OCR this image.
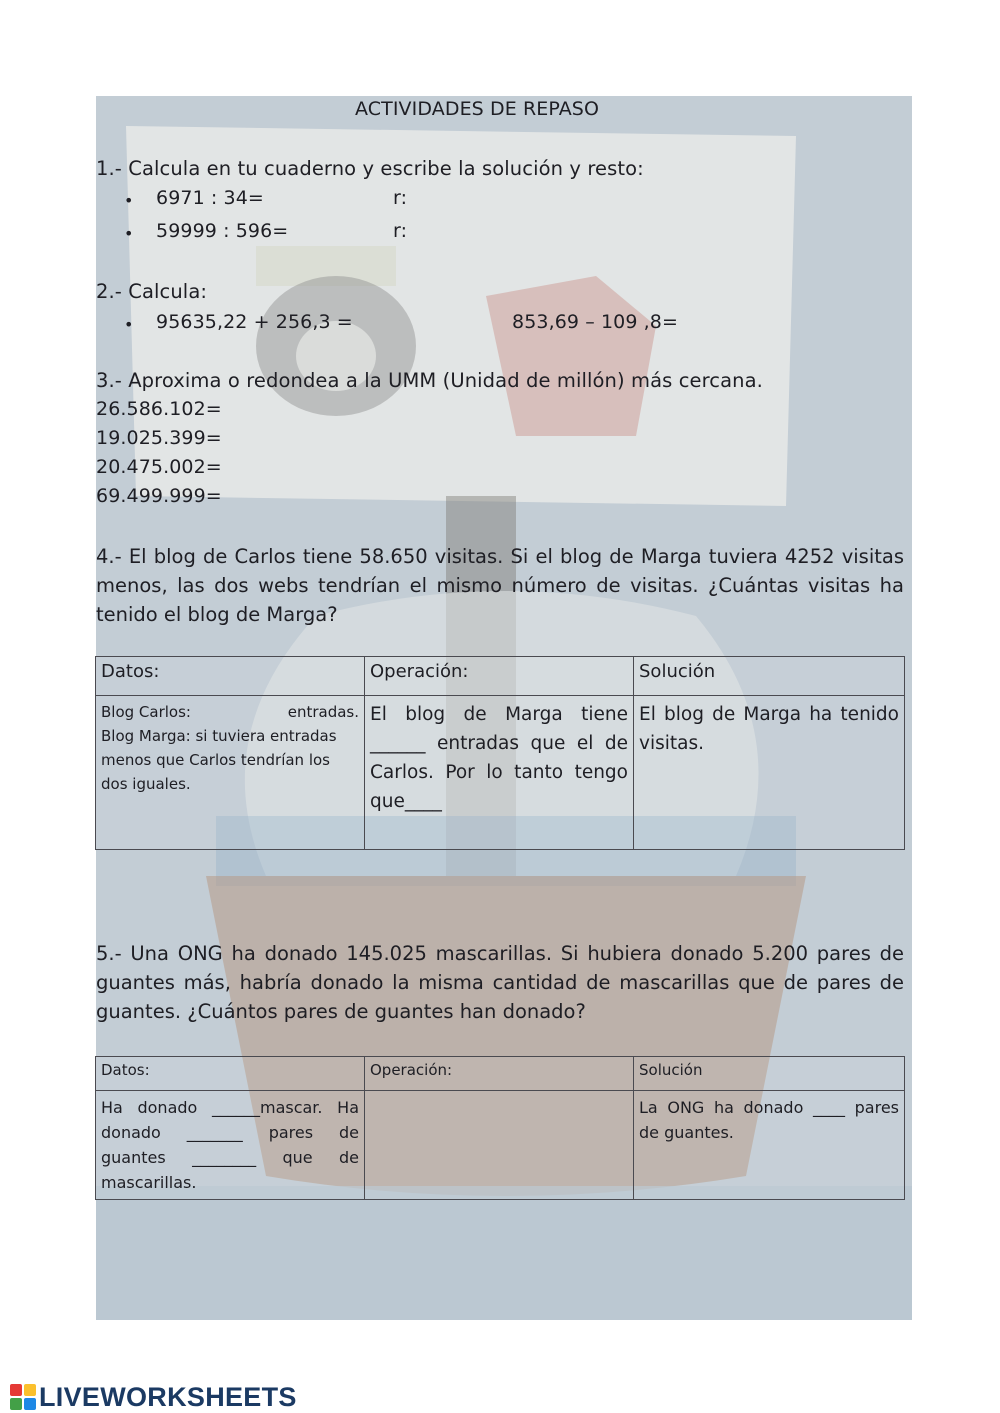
ACTIVIDADES DE REPASO
1.- Calcula en tu cuaderno y escribe la solución y resto:
• 6971 : 34=	r:
• 59999 : 596=	r:
2.- Calcula:
• 95635,22 + 256,3 =	853,69 – 109 ,8=
3.- Aproxima o redondea a la UMM (Unidad de millón) más cercana.
26.586.102=
19.025.399=
20.475.002=
69.499.999=
4.- El blog de Carlos tiene 58.650 visitas. Si el blog de Marga tuviera 4252 visitas menos, las dos webs tendrían el mismo número de visitas. ¿Cuántas visitas ha tenido el blog de Marga?
Datos:	Operación:	Solución

Blog Carlos: entradas.
Blog Marga: si tuviera entradas menos que Carlos tendrían los dos iguales.	El blog de Marga tiene ______ entradas que el de Carlos. Por lo tanto tengo que____	El blog de Marga ha tenido visitas.
5.- Una ONG ha donado 145.025 mascarillas. Si hubiera donado 5.200 pares de guantes más, habría donado la misma cantidad de mascarillas que de pares de guantes. ¿Cuántos pares de guantes han donado?
Datos:	Operación:	Solución
Ha donado ______mascar. Ha donado _______ pares de guantes ________ que de mascarillas.		La ONG ha donado ____ pares de guantes.
LIVEWORKSHEETS
